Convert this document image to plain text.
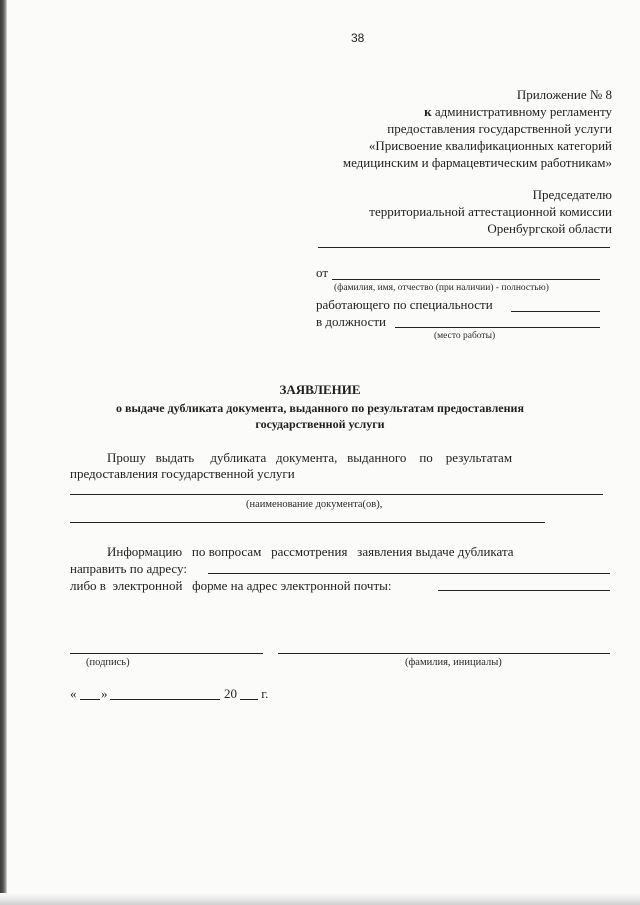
38
Приложение № 8
к административному регламенту
предоставления государственной услуги
«Присвоение квалификационных категорий
медицинским и фармацевтическим работникам»
Председателю
территориальной аттестационной комиссии
Оренбургской области
от
(фамилия, имя, отчество (при наличии) - полностью)
работающего по специальности
в должности
(место работы)
ЗАЯВЛЕНИЕ
о выдаче дубликата документа, выданного по результатам предоставления
государственной услуги
Прошу   выдать     дубликата   документа,   выданного    по    результатам
предоставления государственной услуги
(наименование документа(ов),
Информацию   по вопросам   рассмотрения   заявления выдаче дубликата
направить по адресу:
либо в  электронной   форме на адрес электронной почты:
(подпись)	(фамилия, инициалы)
« »	20 г.
